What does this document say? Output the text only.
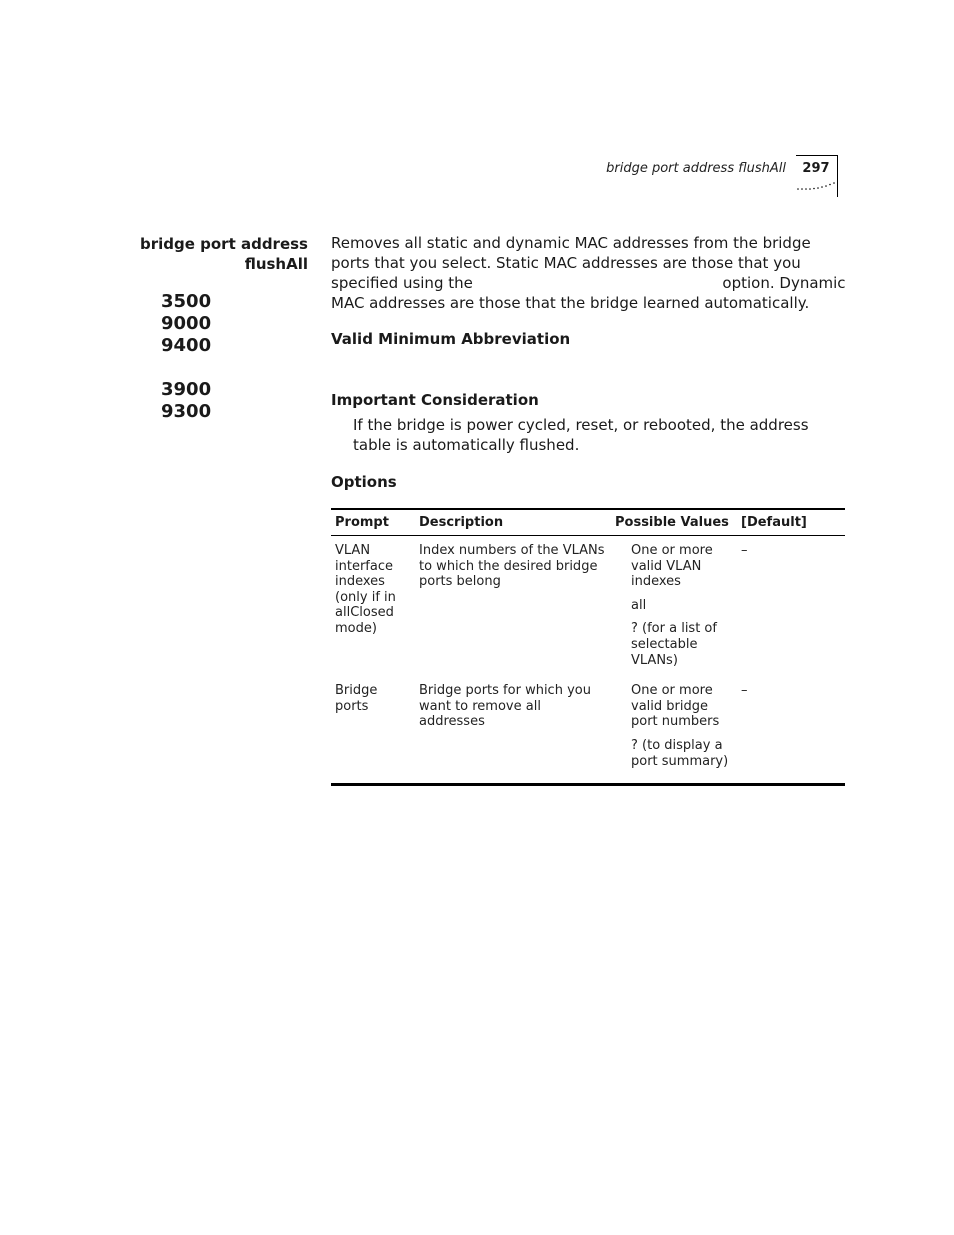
bridge port address flushAll	297
bridge port address
flushAll
3500
9000
9400
3900
9300
Removes all static and dynamic MAC addresses from the bridge ports that you select. Static MAC addresses are those that you specified using the	option. Dynamic MAC addresses are those that the bridge learned automatically.
Valid Minimum Abbreviation
Important Consideration
If the bridge is power cycled, reset, or rebooted, the address table is automatically flushed.
Options
Prompt	Description	Possible Values	[Default]
VLAN interface indexes (only if in allClosed mode)	Index numbers of the VLANs to which the desired bridge ports belong	One or more valid VLAN indexes
all
? (for a list of selectable VLANs)	–
Bridge ports	Bridge ports for which you want to remove all addresses	One or more valid bridge port numbers
? (to display a port summary)	–
